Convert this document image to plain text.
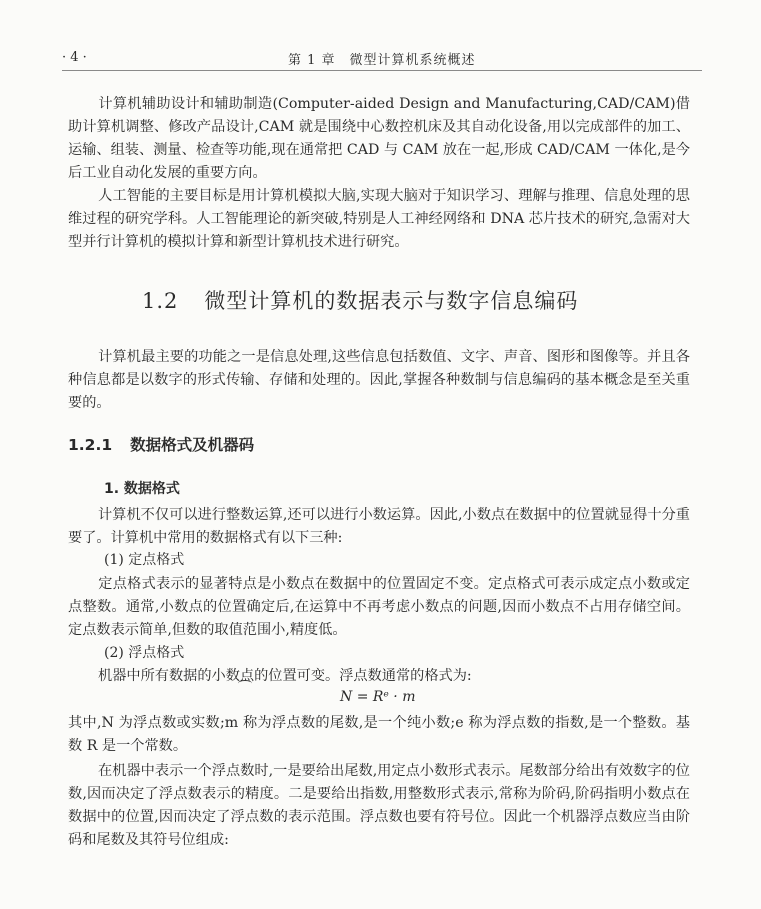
· 4 ·	第 1 章　微型计算机系统概述

计算机辅助设计和辅助制造(Computer-aided Design and Manufacturing,CAD/CAM)借助计算机调整、修改产品设计,CAM 就是围绕中心数控机床及其自动化设备,用以完成部件的加工、运输、组装、测量、检查等功能,现在通常把 CAD 与 CAM 放在一起,形成 CAD/CAM 一体化,是今后工业自动化发展的重要方向。

人工智能的主要目标是用计算机模拟大脑,实现大脑对于知识学习、理解与推理、信息处理的思维过程的研究学科。人工智能理论的新突破,特别是人工神经网络和 DNA 芯片技术的研究,急需对大型并行计算机的模拟计算和新型计算机技术进行研究。

1.2 微型计算机的数据表示与数字信息编码

计算机最主要的功能之一是信息处理,这些信息包括数值、文字、声音、图形和图像等。并且各种信息都是以数字的形式传输、存储和处理的。因此,掌握各种数制与信息编码的基本概念是至关重要的。

1.2.1 数据格式及机器码
1. 数据格式

计算机不仅可以进行整数运算,还可以进行小数运算。因此,小数点在数据中的位置就显得十分重要了。计算机中常用的数据格式有以下三种:

(1) 定点格式

定点格式表示的显著特点是小数点在数据中的位置固定不变。定点格式可表示成定点小数或定点整数。通常,小数点的位置确定后,在运算中不再考虑小数点的问题,因而小数点不占用存储空间。定点数表示简单,但数的取值范围小,精度低。

(2) 浮点格式

机器中所有数据的小数点的位置可变。浮点数通常的格式为:

N = Rᵉ · m

其中,N 为浮点数或实数;m 称为浮点数的尾数,是一个纯小数;e 称为浮点数的指数,是一个整数。基数 R 是一个常数。

在机器中表示一个浮点数时,一是要给出尾数,用定点小数形式表示。尾数部分给出有效数字的位数,因而决定了浮点数表示的精度。二是要给出指数,用整数形式表示,常称为阶码,阶码指明小数点在数据中的位置,因而决定了浮点数的表示范围。浮点数也要有符号位。因此一个机器浮点数应当由阶码和尾数及其符号位组成:
